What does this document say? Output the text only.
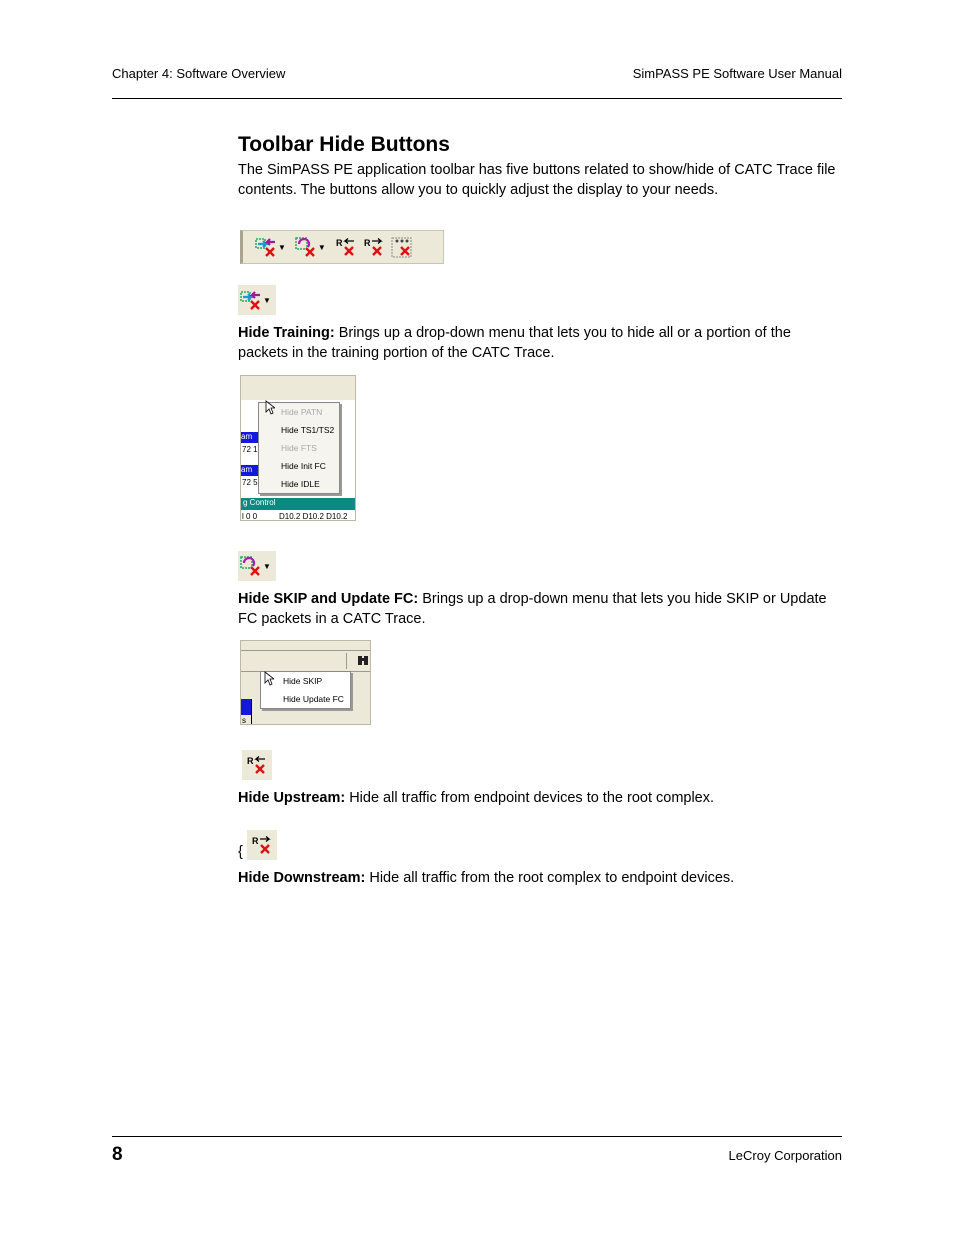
Chapter 4: Software Overview	SimPASS PE Software User Manual
Toolbar Hide Buttons
The SimPASS PE application toolbar has five buttons related to show/hide of CATC Trace file contents. The buttons allow you to quickly adjust the display to your needs.
▼	▼ R R
▼
Hide Training: Brings up a drop-down menu that lets you to hide all or a portion of the packets in the training portion of the CATC Trace.
am
72 1
am
72 5
g Control
l 0 0	D10.2 D10.2 D10.2
Hide PATN
Hide TS1/TS2
Hide FTS
Hide Init FC
Hide IDLE
▼
Hide SKIP and Update FC: Brings up a drop-down menu that lets you hide SKIP or Update FC packets in a CATC Trace.
s
Hide SKIP
Hide Update FC
R
Hide Upstream: Hide all traffic from endpoint devices to the root complex.
R
{
Hide Downstream: Hide all traffic from the root complex to endpoint devices.
8	LeCroy Corporation
